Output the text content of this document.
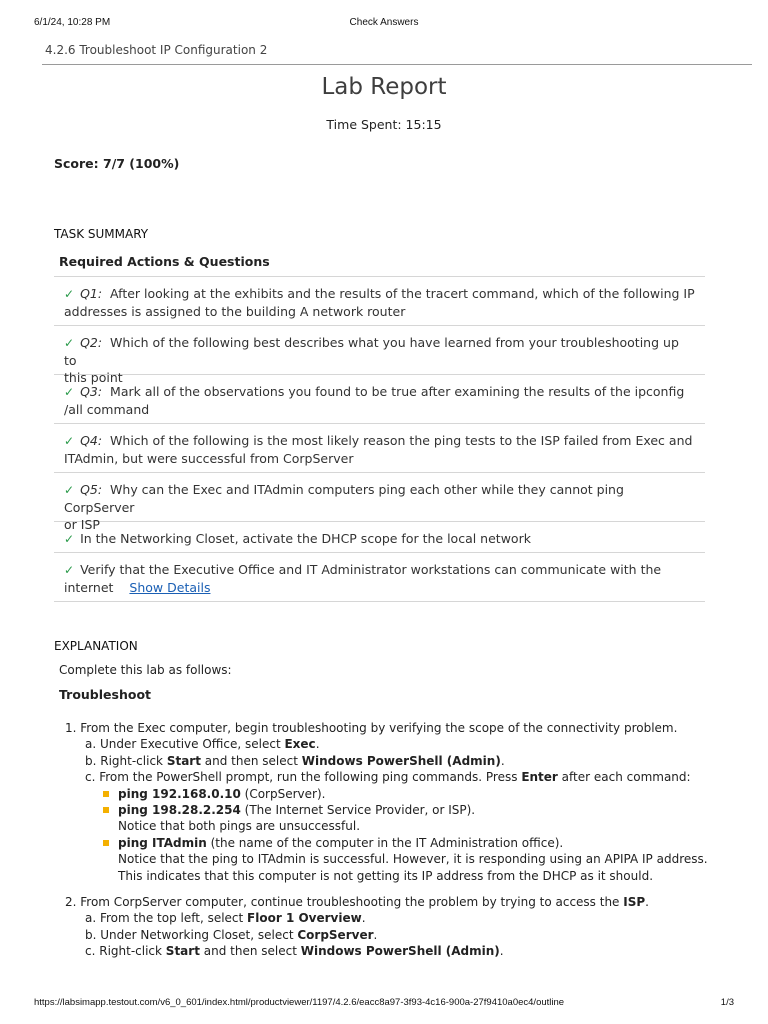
6/1/24, 10:28 PM	Check Answers
4.2.6 Troubleshoot IP Configuration 2
Lab Report
Time Spent: 15:15
Score: 7/7 (100%)
TASK SUMMARY
Required Actions & Questions
✓ Q1: After looking at the exhibits and the results of the tracert command, which of the following IP
addresses is assigned to the building A network router
✓ Q2: Which of the following best describes what you have learned from your troubleshooting up to
this point
✓ Q3: Mark all of the observations you found to be true after examining the results of the ipconfig
/all command
✓ Q4: Which of the following is the most likely reason the ping tests to the ISP failed from Exec and
ITAdmin, but were successful from CorpServer
✓ Q5: Why can the Exec and ITAdmin computers ping each other while they cannot ping CorpServer
or ISP
✓ In the Networking Closet, activate the DHCP scope for the local network
✓ Verify that the Executive Office and IT Administrator workstations can communicate with the
internet Show Details
EXPLANATION
Complete this lab as follows:
Troubleshoot
1. From the Exec computer, begin troubleshooting by verifying the scope of the connectivity problem.
a. Under Executive Office, select Exec.
b. Right-click Start and then select Windows PowerShell (Admin).
c. From the PowerShell prompt, run the following ping commands. Press Enter after each command:
ping 192.168.0.10 (CorpServer).
ping 198.28.2.254 (The Internet Service Provider, or ISP).
Notice that both pings are unsuccessful.
ping ITAdmin (the name of the computer in the IT Administration office).
Notice that the ping to ITAdmin is successful. However, it is responding using an APIPA IP address.
This indicates that this computer is not getting its IP address from the DHCP as it should.
2. From CorpServer computer, continue troubleshooting the problem by trying to access the ISP.
a. From the top left, select Floor 1 Overview.
b. Under Networking Closet, select CorpServer.
c. Right-click Start and then select Windows PowerShell (Admin).
https://labsimapp.testout.com/v6_0_601/index.html/productviewer/1197/4.2.6/eacc8a97-3f93-4c16-900a-27f9410a0ec4/outline	1/3
